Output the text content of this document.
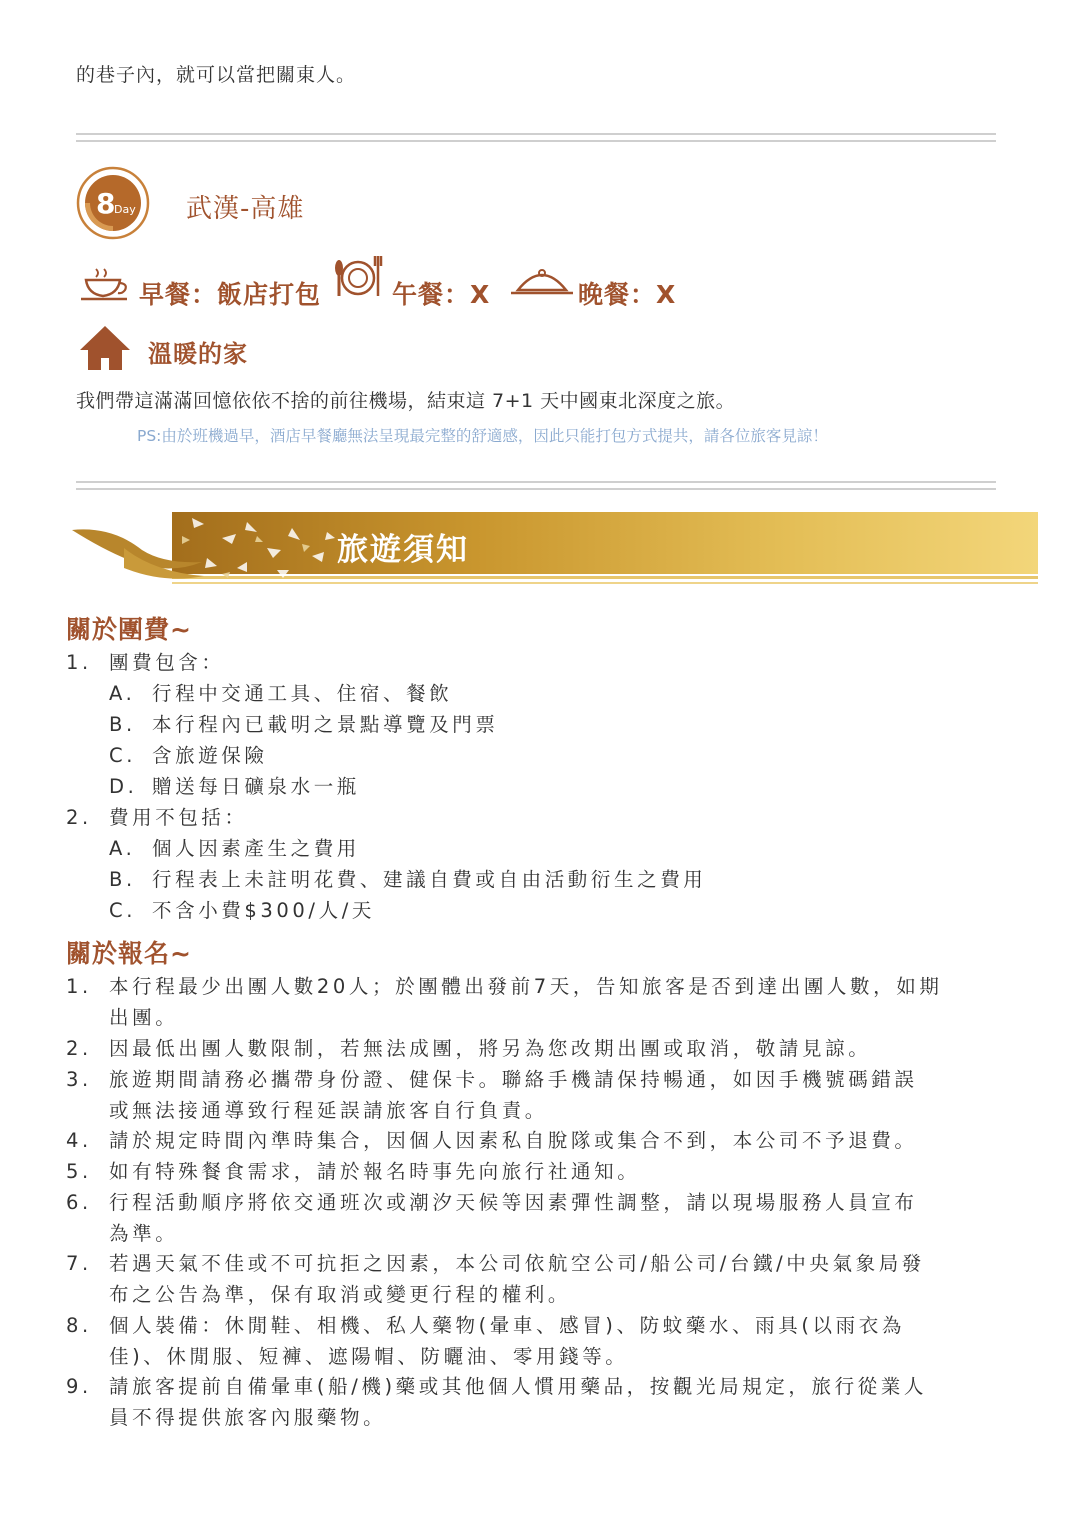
的巷子內，就可以當把關東人。
8
Day 武漢-高雄
早餐：飯店打包	午餐：X	晚餐：X
溫暖的家
我們帶這滿滿回憶依依不捨的前往機場，結束這 7+1 天中國東北深度之旅。
PS:由於班機過早，酒店早餐廳無法呈現最完整的舒適感，因此只能打包方式提共，請各位旅客見諒！
旅遊須知
關於團費~
1. 團費包含：
A. 行程中交通工具、住宿、餐飲
B. 本行程內已載明之景點導覽及門票
C. 含旅遊保險
D. 贈送每日礦泉水一瓶
2. 費用不包括：
A. 個人因素產生之費用
B. 行程表上未註明花費、建議自費或自由活動衍生之費用
C. 不含小費$300/人/天
關於報名~
1. 本行程最少出團人數20人；於團體出發前7天，告知旅客是否到達出團人數，如期
出團。
2. 因最低出團人數限制，若無法成團，將另為您改期出團或取消，敬請見諒。
3. 旅遊期間請務必攜帶身份證、健保卡。聯絡手機請保持暢通，如因手機號碼錯誤
或無法接通導致行程延誤請旅客自行負責。
4. 請於規定時間內準時集合，因個人因素私自脫隊或集合不到，本公司不予退費。
5. 如有特殊餐食需求，請於報名時事先向旅行社通知。
6. 行程活動順序將依交通班次或潮汐天候等因素彈性調整，請以現場服務人員宣布
為準。
7. 若遇天氣不佳或不可抗拒之因素，本公司依航空公司/船公司/台鐵/中央氣象局發
布之公告為準，保有取消或變更行程的權利。
8. 個人裝備：休閒鞋、相機、私人藥物(暈車、感冒)、防蚊藥水、雨具(以雨衣為
佳)、休閒服、短褲、遮陽帽、防曬油、零用錢等。
9. 請旅客提前自備暈車(船/機)藥或其他個人慣用藥品，按觀光局規定，旅行從業人
員不得提供旅客內服藥物。
